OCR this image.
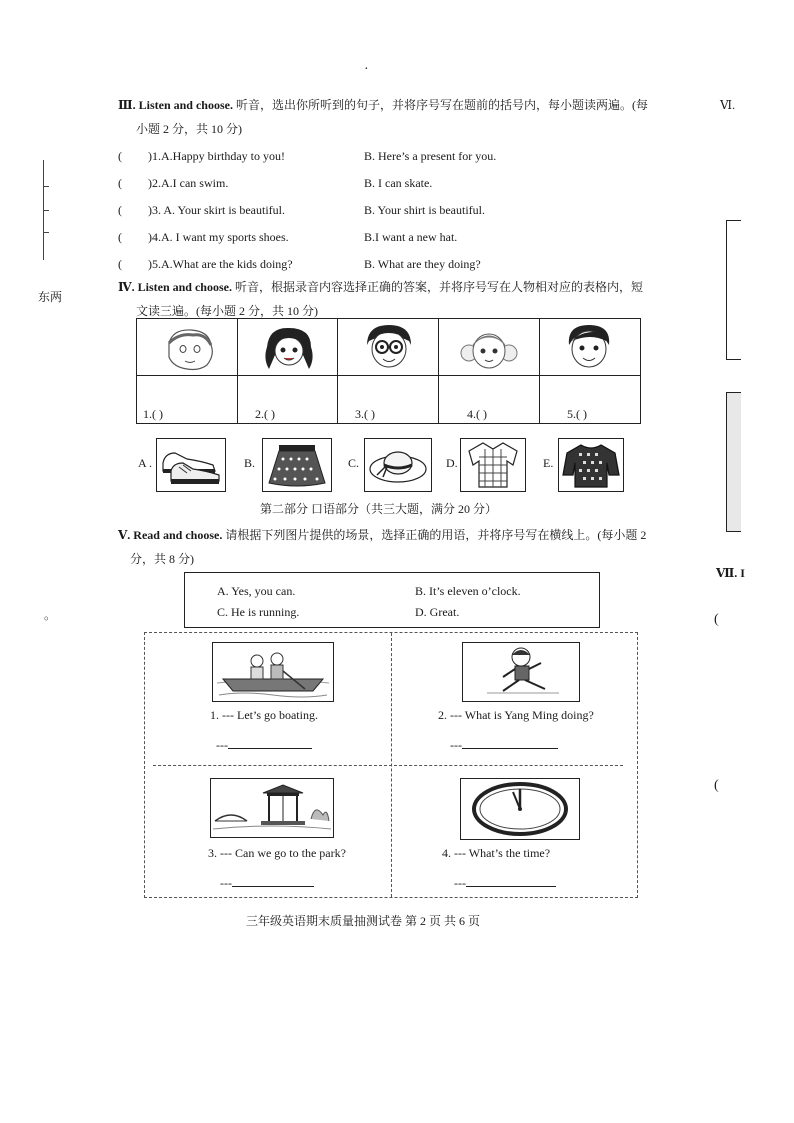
·
东两
。
Ⅵ.
Ⅶ. I
(
(
Ⅲ. Listen and choose. 听音，选出你所听到的句子，并将序号写在题前的括号内，每小题读两遍。(每
小题 2 分，共 10 分)
( )1.A.Happy birthday to you!	B. Here’s a present for you.
( )2.A.I can swim.	B. I can skate.
( )3. A. Your skirt is beautiful.	B. Your shirt is beautiful.
( )4.A. I want my sports shoes.	B.I want a new hat.
( )5.A.What are the kids doing?	B. What are they doing?
Ⅳ. Listen and choose. 听音，根据录音内容选择正确的答案，并将序号写在人物相对应的表格内，短
文读三遍。(每小题 2 分，共 10 分)
1.( )	2.( )	3.( )	4.( )	5.( )
A .	B.	C.	D.	E.
第二部分 口语部分（共三大题，满分 20 分）
Ⅴ. Read and choose. 请根据下列图片提供的场景，选择正确的用语，并将序号写在横线上。(每小题 2
分，共 8 分)
A. Yes, you can.	B. It’s eleven o’clock.
C. He is running.	D. Great.
1. --- Let’s go boating.
---
2. --- What is Yang Ming doing?
---
3. --- Can we go to the park?
---
4. --- What’s the time?
---
三年级英语期末质量抽测试卷 第 2 页 共 6 页
